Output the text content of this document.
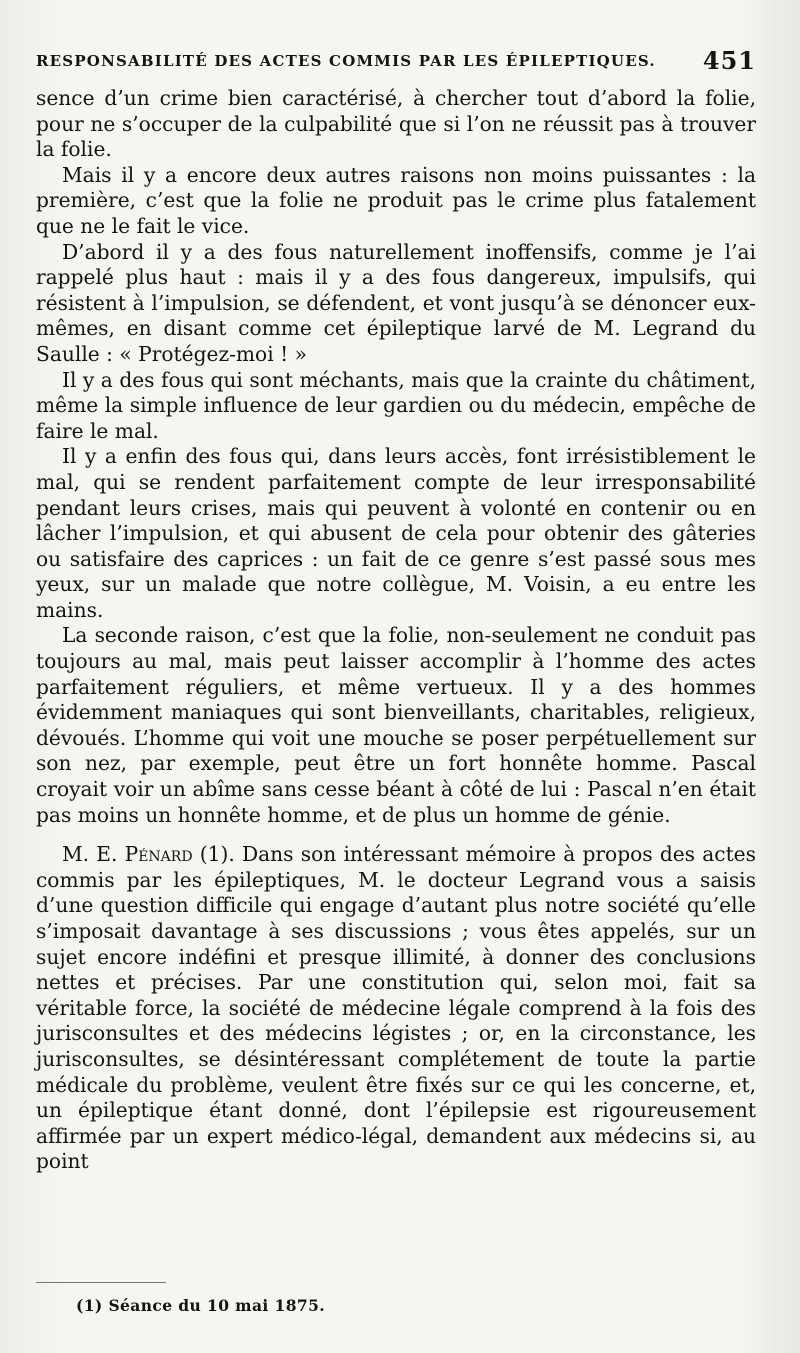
RESPONSABILITÉ DES ACTES COMMIS PAR LES ÉPILEPTIQUES. 451

sence d’un crime bien caractérisé, à chercher tout d’abord la folie, pour ne s’occuper de la culpabilité que si l’on ne réussit pas à trouver la folie.

Mais il y a encore deux autres raisons non moins puissantes : la première, c’est que la folie ne produit pas le crime plus fatalement que ne le fait le vice.

D’abord il y a des fous naturellement inoffensifs, comme je l’ai rappelé plus haut : mais il y a des fous dangereux, impulsifs, qui résistent à l’impulsion, se défendent, et vont jusqu’à se dénoncer eux-mêmes, en disant comme cet épileptique larvé de M. Legrand du Saulle : « Protégez-moi ! »

Il y a des fous qui sont méchants, mais que la crainte du châtiment, même la simple influence de leur gardien ou du médecin, empêche de faire le mal.

Il y a enfin des fous qui, dans leurs accès, font irrésistiblement le mal, qui se rendent parfaitement compte de leur irresponsabilité pendant leurs crises, mais qui peuvent à volonté en contenir ou en lâcher l’impulsion, et qui abusent de cela pour obtenir des gâteries ou satisfaire des caprices : un fait de ce genre s’est passé sous mes yeux, sur un malade que notre collègue, M. Voisin, a eu entre les mains.

La seconde raison, c’est que la folie, non-seulement ne conduit pas toujours au mal, mais peut laisser accomplir à l’homme des actes parfaitement réguliers, et même vertueux. Il y a des hommes évidemment maniaques qui sont bienveillants, charitables, religieux, dévoués. L’homme qui voit une mouche se poser perpétuellement sur son nez, par exemple, peut être un fort honnête homme. Pascal croyait voir un abîme sans cesse béant à côté de lui : Pascal n’en était pas moins un honnête homme, et de plus un homme de génie.

M. E. Pénard (1). Dans son intéressant mémoire à propos des actes commis par les épileptiques, M. le docteur Legrand vous a saisis d’une question difficile qui engage d’autant plus notre société qu’elle s’imposait davantage à ses discussions ; vous êtes appelés, sur un sujet encore indéfini et presque illimité, à donner des conclusions nettes et précises. Par une constitution qui, selon moi, fait sa véritable force, la société de médecine légale comprend à la fois des jurisconsultes et des médecins légistes ; or, en la circonstance, les jurisconsultes, se désintéressant complétement de toute la partie médicale du problème, veulent être fixés sur ce qui les concerne, et, un épileptique étant donné, dont l’épilepsie est rigoureusement affirmée par un expert médico-légal, demandent aux médecins si, au point

(1) Séance du 10 mai 1875.
